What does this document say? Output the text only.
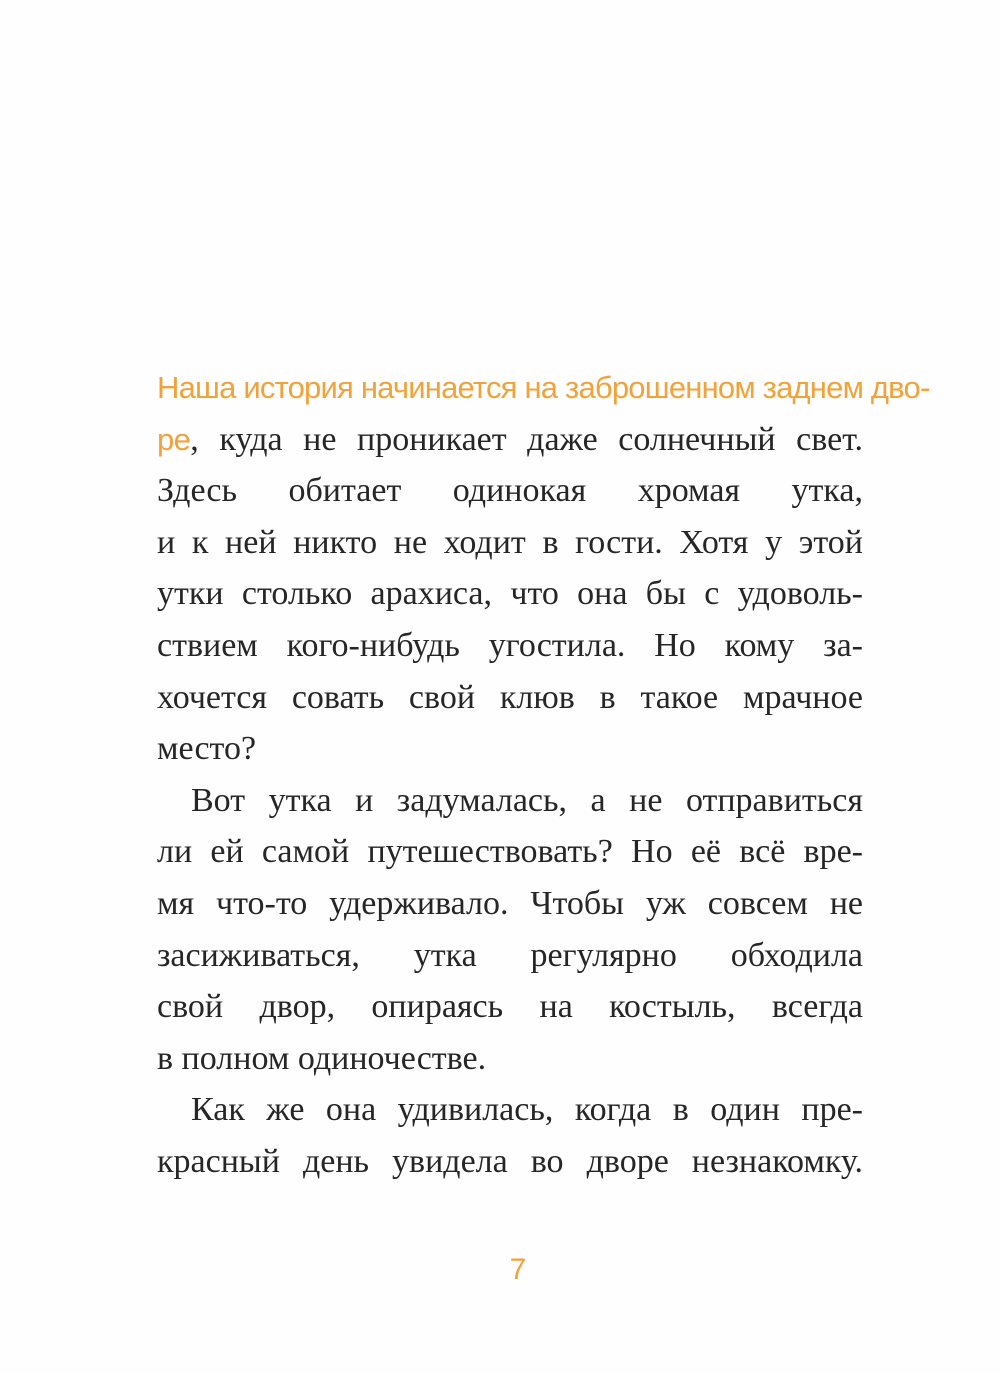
Наша история начинается на заброшенном заднем дво-
ре, куда не проникает даже солнечный свет.
Здесь обитает одинокая хромая утка,
и к ней никто не ходит в гости. Хотя у этой
утки столько арахиса, что она бы с удоволь-
ствием кого-нибудь угостила. Но кому за-
хочется совать свой клюв в такое мрачное
место?
Вот утка и задумалась, а не отправиться
ли ей самой путешествовать? Но её всё вре-
мя что-то удерживало. Чтобы уж совсем не
засиживаться, утка регулярно обходила
свой двор, опираясь на костыль, всегда
в полном одиночестве.
Как же она удивилась, когда в один пре-
красный день увидела во дворе незнакомку.
7
